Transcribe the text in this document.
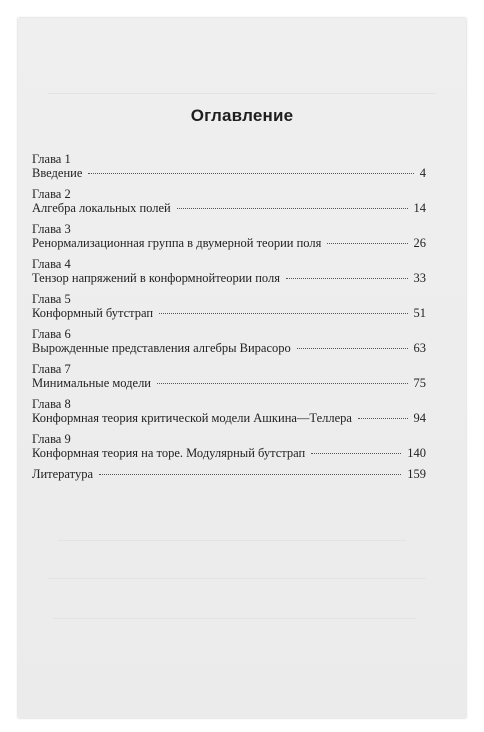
Оглавление
Глава 1
Введение	4
Глава 2
Алгебра локальных полей	14
Глава 3
Ренормализационная группа в двумерной теории поля	26
Глава 4
Тензор напряжений в конформнойтеории поля	33
Глава 5
Конформный бутстрап	51
Глава 6
Вырожденные представления алгебры Вирасоро	63
Глава 7
Минимальные модели	75
Глава 8
Конформная теория критической модели Ашкина—Теллера	94
Глава 9
Конформная теория на торе. Модулярный бутстрап	140
Литература	159
